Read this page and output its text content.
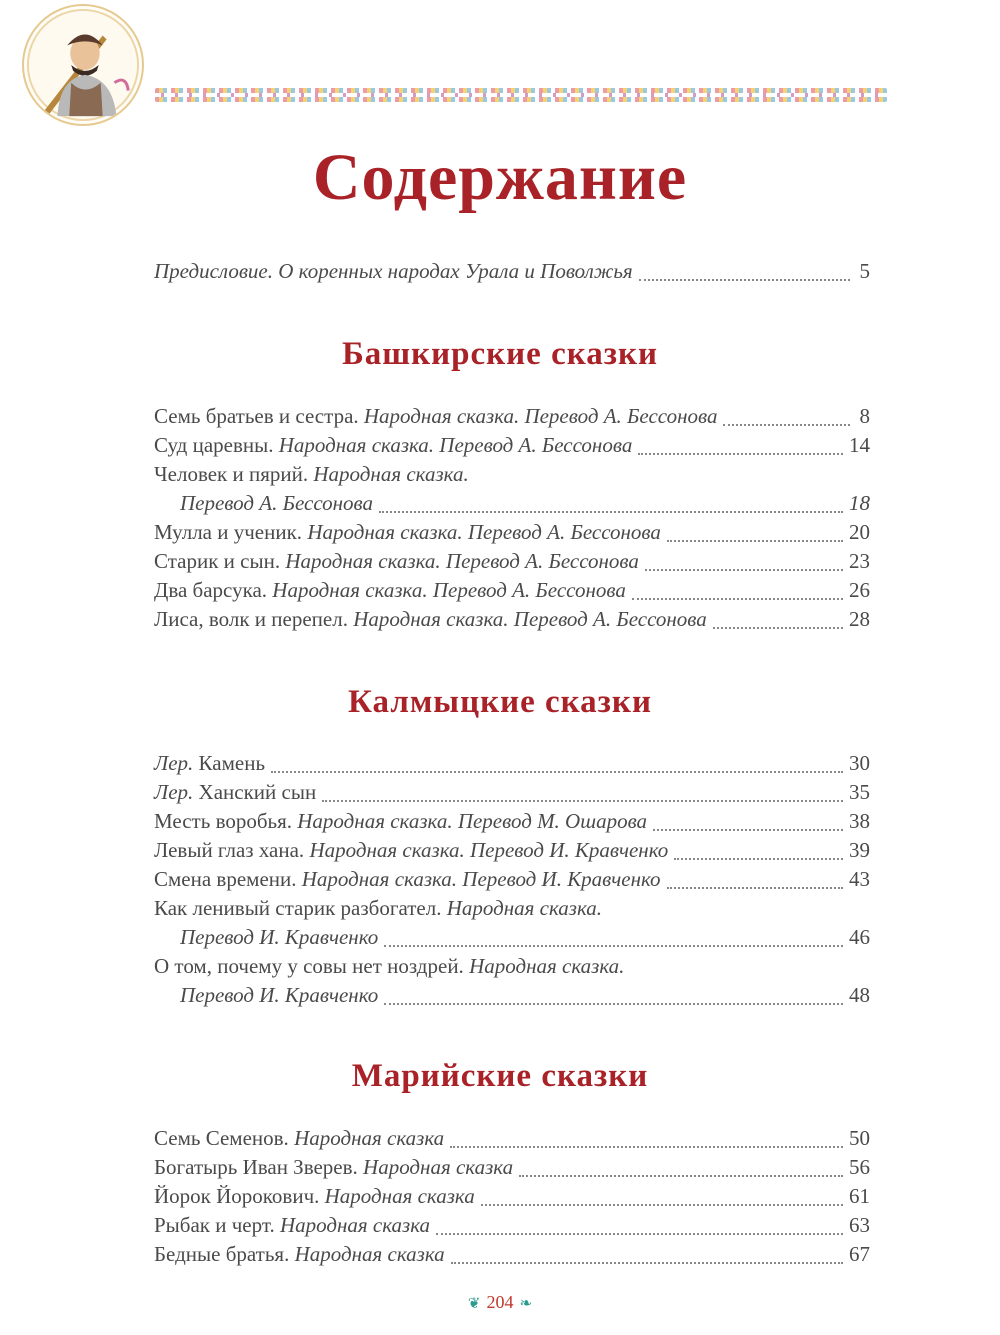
Содержание
Предисловие. О коренных народах Урала и Поволжья	5
Башкирские сказки
Семь братьев и сестра. Народная сказка. Перевод А. Бессонова	8
Суд царевны. Народная сказка. Перевод А. Бессонова	14
Человек и пярий. Народная сказка.
Перевод А. Бессонова	18
Мулла и ученик. Народная сказка. Перевод А. Бессонова	20
Старик и сын. Народная сказка. Перевод А. Бессонова	23
Два барсука. Народная сказка. Перевод А. Бессонова	26
Лиса, волк и перепел. Народная сказка. Перевод А. Бессонова	28
Калмыцкие сказки
Лер. Камень	30
Лер. Ханский сын	35
Месть воробья. Народная сказка. Перевод М. Ошарова	38
Левый глаз хана. Народная сказка. Перевод И. Кравченко	39
Смена времени. Народная сказка. Перевод И. Кравченко	43
Как ленивый старик разбогател. Народная сказка.
Перевод И. Кравченко	46
О том, почему у совы нет ноздрей. Народная сказка.
Перевод И. Кравченко	48
Марийские сказки
Семь Семенов. Народная сказка	50
Богатырь Иван Зверев. Народная сказка	56
Йорок Йорокович. Народная сказка	61
Рыбак и черт. Народная сказка	63
Бедные братья. Народная сказка	67
❦ 204 ❧
